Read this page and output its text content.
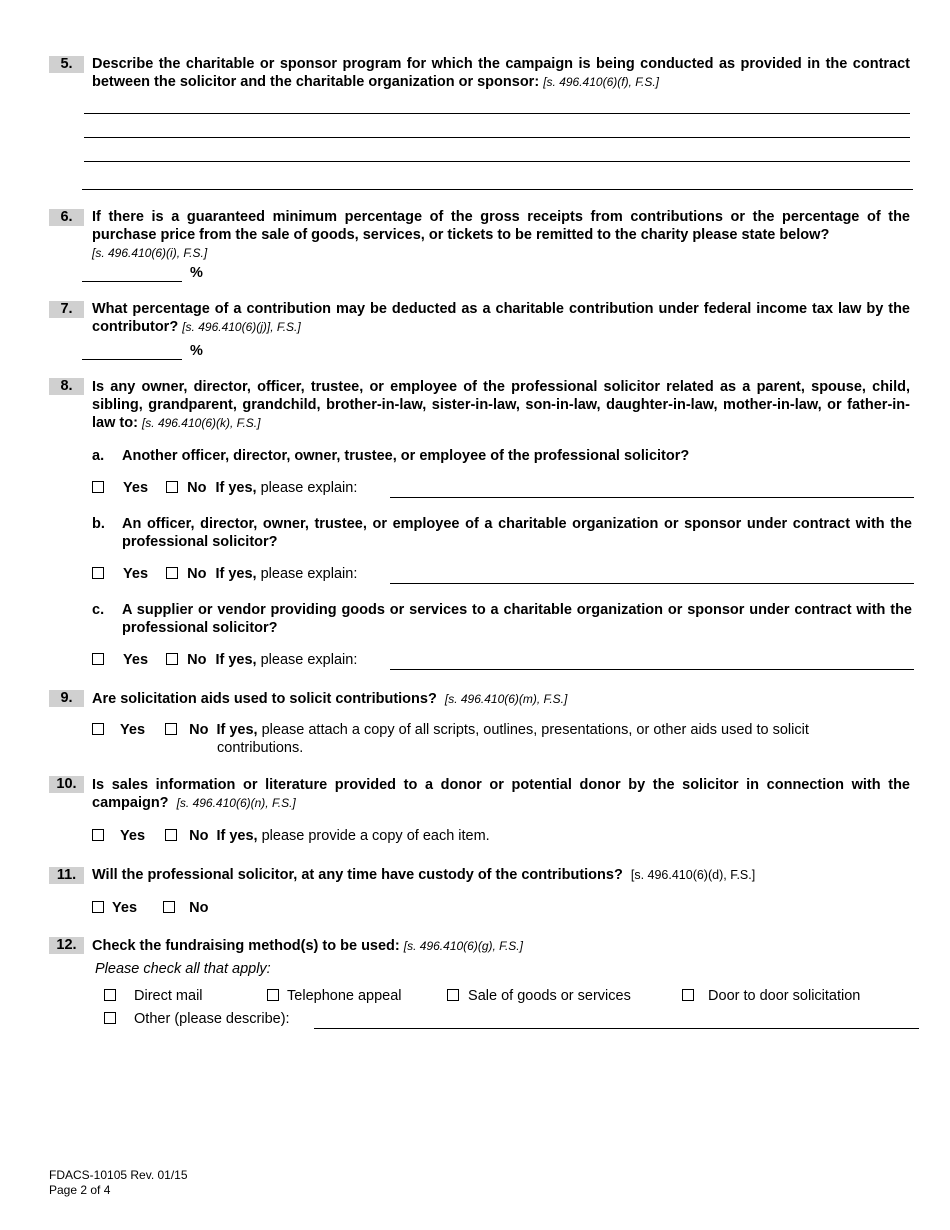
5.	Describe the charitable or sponsor program for which the campaign is being conducted as provided in the contract between the solicitor and the charitable organization or sponsor: [s. 496.410(6)(f), F.S.]
6.	If there is a guaranteed minimum percentage of the gross receipts from contributions or the percentage of the purchase price from the sale of goods, services, or tickets to be remitted to the charity please state below?
[s. 496.410(6)(i), F.S.]
%
7.	What percentage of a contribution may be deducted as a charitable contribution under federal income tax law by the contributor? [s. 496.410(6)(j)], F.S.]
%
8.	Is any owner, director, officer, trustee, or employee of the professional solicitor related as a parent, spouse, child, sibling, grandparent, grandchild, brother-in-law, sister-in-law, son-in-law, daughter-in-law, mother-in-law, or father-in-law to: [s. 496.410(6)(k), F.S.]
a. Another officer, director, owner, trustee, or employee of the professional solicitor?
Yes	No If yes, please explain:
b. An officer, director, owner, trustee, or employee of a charitable organization or sponsor under contract with the professional solicitor?
Yes	No If yes, please explain:
c. A supplier or vendor providing goods or services to a charitable organization or sponsor under contract with the professional solicitor?
Yes	No If yes, please explain:
9.	Are solicitation aids used to solicit contributions? [s. 496.410(6)(m), F.S.]
Yes	No If yes, please attach a copy of all scripts, outlines, presentations, or other aids used to solicit
contributions.
10.	Is sales information or literature provided to a donor or potential donor by the solicitor in connection with the campaign? [s. 496.410(6)(n), F.S.]
Yes	No If yes, please provide a copy of each item.
11.	Will the professional solicitor, at any time have custody of the contributions? [s. 496.410(6)(d), F.S.]
Yes	No
12.	Check the fundraising method(s) to be used: [s. 496.410(6)(g), F.S.]
Please check all that apply:
Direct mail	Telephone appeal	Sale of goods or services	Door to door solicitation
Other (please describe):
FDACS-10105 Rev. 01/15
Page 2 of 4
